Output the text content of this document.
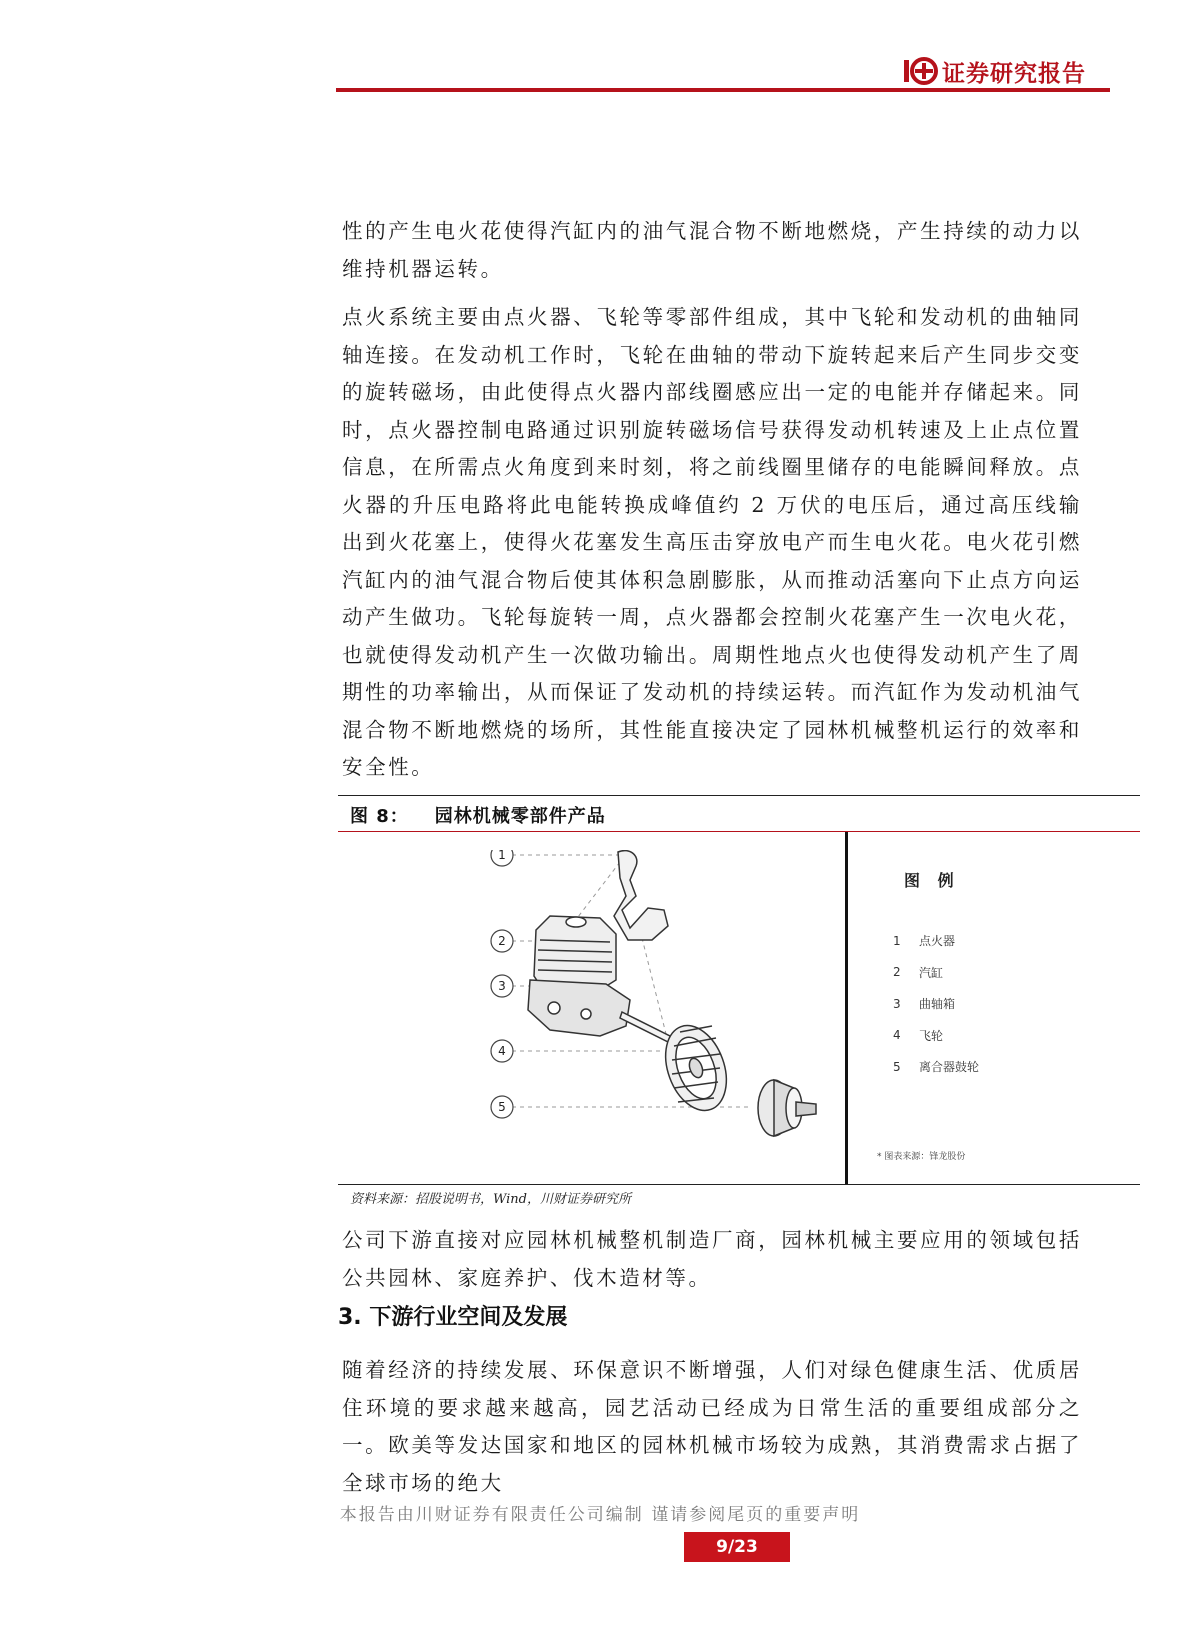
证券研究报告

性的产生电火花使得汽缸内的油气混合物不断地燃烧，产生持续的动力以维持机器运转。

点火系统主要由点火器、飞轮等零部件组成，其中飞轮和发动机的曲轴同轴连接。在发动机工作时，飞轮在曲轴的带动下旋转起来后产生同步交变的旋转磁场，由此使得点火器内部线圈感应出一定的电能并存储起来。同时，点火器控制电路通过识别旋转磁场信号获得发动机转速及上止点位置信息，在所需点火角度到来时刻，将之前线圈里储存的电能瞬间释放。点火器的升压电路将此电能转换成峰值约 2 万伏的电压后，通过高压线输出到火花塞上，使得火花塞发生高压击穿放电产而生电火花。电火花引燃汽缸内的油气混合物后使其体积急剧膨胀，从而推动活塞向下止点方向运动产生做功。飞轮每旋转一周，点火器都会控制火花塞产生一次电火花，也就使得发动机产生一次做功输出。周期性地点火也使得发动机产生了周期性的功率输出，从而保证了发动机的持续运转。而汽缸作为发动机油气混合物不断地燃烧的场所，其性能直接决定了园林机械整机运行的效率和安全性。

图 8： 园林机械零部件产品

1
2
3
4
5
图 例
1	点火器
2	汽缸
3	曲轴箱
4	飞轮
5	离合器鼓轮
* 图表来源：锋龙股份

资料来源：招股说明书，Wind，川财证券研究所

公司下游直接对应园林机械整机制造厂商，园林机械主要应用的领域包括公共园林、家庭养护、伐木造材等。

3. 下游行业空间及发展

随着经济的持续发展、环保意识不断增强，人们对绿色健康生活、优质居住环境的要求越来越高，园艺活动已经成为日常生活的重要组成部分之一。欧美等发达国家和地区的园林机械市场较为成熟，其消费需求占据了全球市场的绝大

本报告由川财证券有限责任公司编制 谨请参阅尾页的重要声明

9/23
